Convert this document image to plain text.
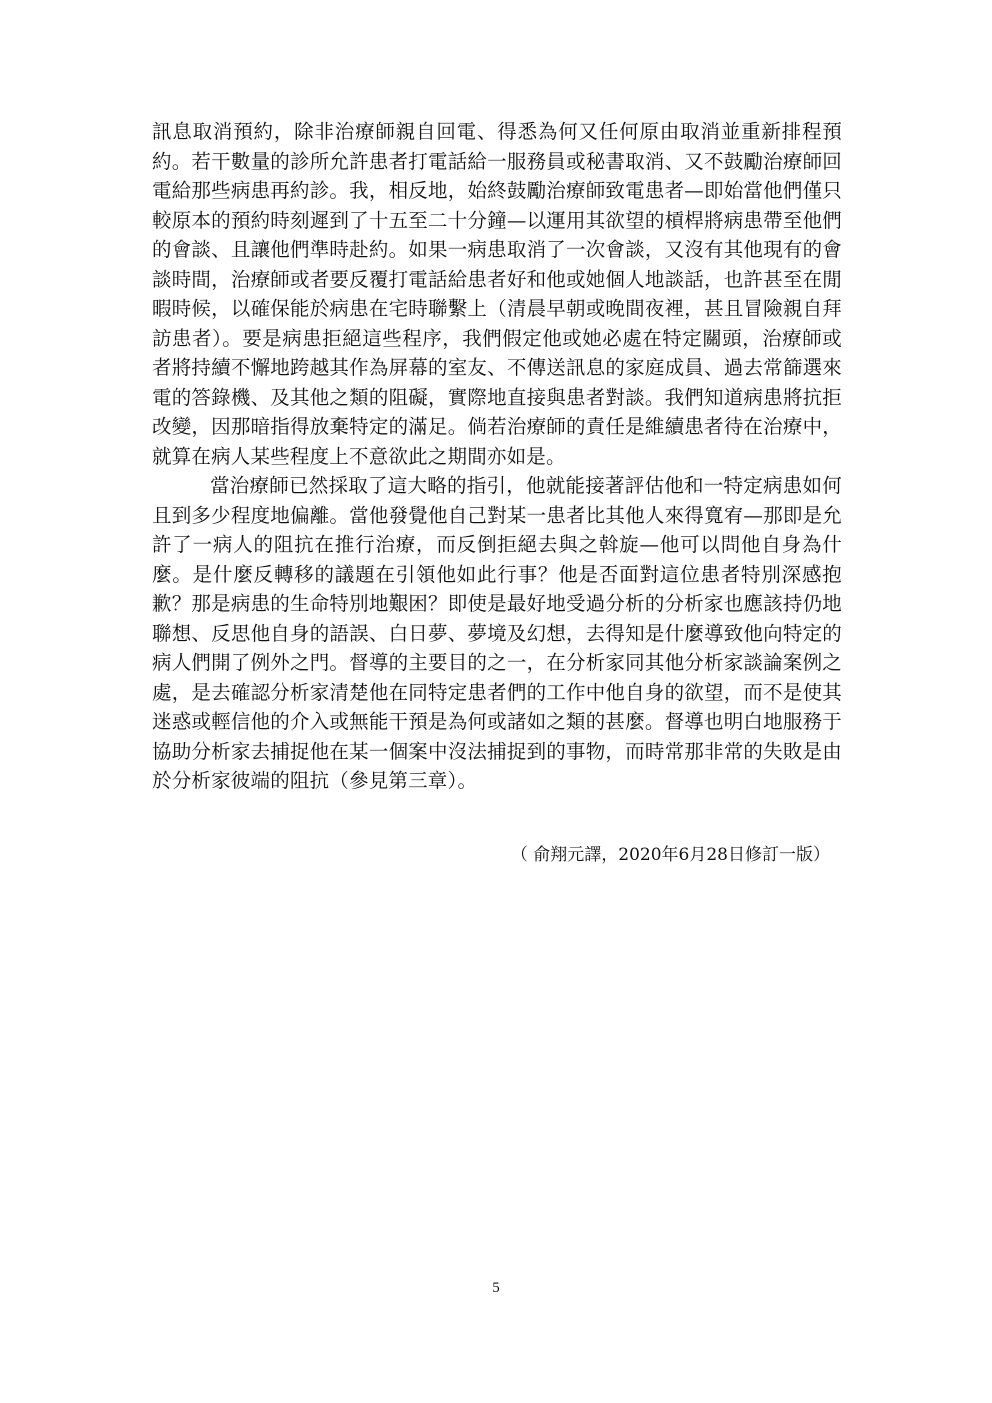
訊息取消預約，除非治療師親自回電、得悉為何又任何原由取消並重新排程預約。若干數量的診所允許患者打電話給一服務員或秘書取消、又不鼓勵治療師回電給那些病患再約診。我，相反地，始終鼓勵治療師致電患者—即始當他們僅只較原本的預約時刻遲到了十五至二十分鐘—以運用其欲望的槓桿將病患帶至他們的會談、且讓他們準時赴約。如果一病患取消了一次會談，又沒有其他現有的會談時間，治療師或者要反覆打電話給患者好和他或她個人地談話，也許甚至在閒暇時候，以確保能於病患在宅時聯繫上（清晨早朝或晚間夜裡，甚且冒險親自拜訪患者）。要是病患拒絕這些程序，我們假定他或她必處在特定關頭，治療師或者將持續不懈地跨越其作為屏幕的室友、不傳送訊息的家庭成員、過去常篩選來電的答錄機、及其他之類的阻礙，實際地直接與患者對談。我們知道病患將抗拒改變，因那暗指得放棄特定的滿足。倘若治療師的責任是維續患者待在治療中，就算在病人某些程度上不意欲此之期間亦如是。

當治療師已然採取了這大略的指引，他就能接著評估他和一特定病患如何且到多少程度地偏離。當他發覺他自己對某一患者比其他人來得寬宥—那即是允許了一病人的阻抗在推行治療，而反倒拒絕去與之斡旋—他可以問他自身為什麼。是什麼反轉移的議題在引領他如此行事？他是否面對這位患者特別深感抱歉？那是病患的生命特別地艱困？即使是最好地受過分析的分析家也應該持仍地聯想、反思他自身的語誤、白日夢、夢境及幻想，去得知是什麼導致他向特定的病人們開了例外之門。督導的主要目的之一，在分析家同其他分析家談論案例之處，是去確認分析家清楚他在同特定患者們的工作中他自身的欲望，而不是使其迷惑或輕信他的介入或無能干預是為何或諸如之類的甚麼。督導也明白地服務于協助分析家去捕捉他在某一個案中沒法捕捉到的事物，而時常那非常的失敗是由於分析家彼端的阻抗（參見第三章）。

（ 俞翔元譯，2020年6月28日修訂一版）
5
